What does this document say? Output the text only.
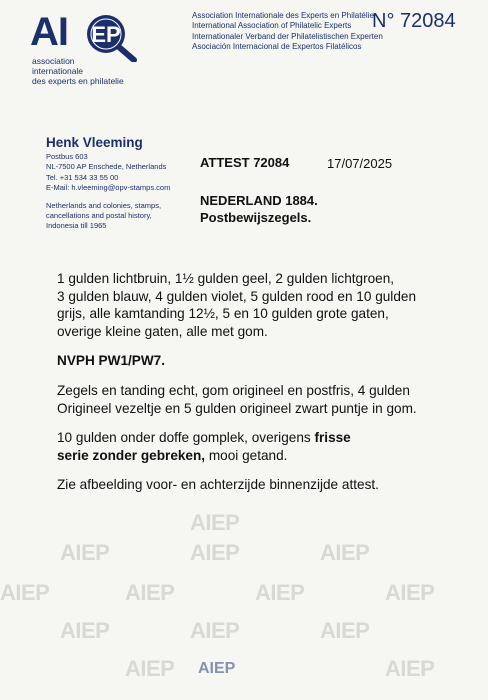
AI EP
association
internationale
des experts en philatelie
Association Internationale des Experts en Philatélie
International Association of Philatelic Experts
Internationaler Verband der Philatelistischen Experten
Asociación Internacional de Expertos Filatélicos
N° 72084
Henk Vleeming
Postbus 603
NL-7500 AP Enschede, Netherlands
Tel. +31 534 33 55 00
E-Mail: h.vleeming@opv-stamps.com
Netherlands and colonies, stamps,
cancellations and postal history,
Indonesia till 1965
ATTEST 72084	17/07/2025
NEDERLAND 1884.
Postbewijszegels.

1 gulden lichtbruin, 1½ gulden geel, 2 gulden lichtgroen,

3 gulden blauw, 4 gulden violet, 5 gulden rood en 10 gulden

grijs, alle kamtanding 12½, 5 en 10 gulden grote gaten,

overige kleine gaten, alle met gom.

NVPH PW1/PW7.

Zegels en tanding echt, gom origineel en postfris, 4 gulden

Origineel vezeltje en 5 gulden origineel zwart puntje in gom.

10 gulden onder doffe gomplek, overigens frisse

serie zonder gebreken, mooi getand.

Zie afbeelding voor- en achterzijde binnenzijde attest.

AIEP
AIEP	AIEP	AIEP
AIEP	AIEP	AIEP	AIEP
AIEP	AIEP	AIEP
AIEP	AIEP
AIEP
